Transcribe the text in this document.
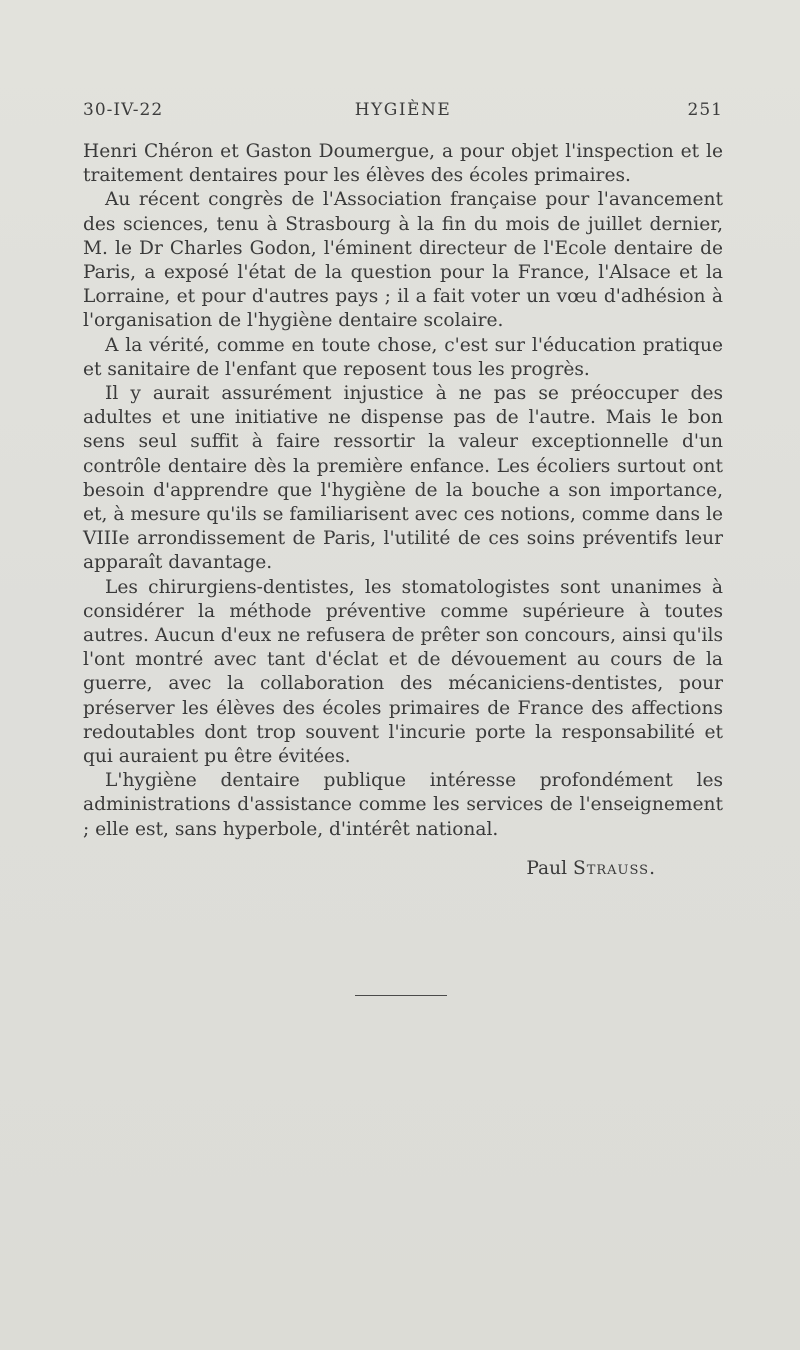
30-IV-22	HYGIÈNE	251

Henri Chéron et Gaston Doumergue, a pour objet l'inspection et le traitement dentaires pour les élèves des écoles primaires.

Au récent congrès de l'Association française pour l'avancement des sciences, tenu à Strasbourg à la fin du mois de juillet dernier, M. le Dr Charles Godon, l'éminent directeur de l'Ecole dentaire de Paris, a exposé l'état de la question pour la France, l'Alsace et la Lorraine, et pour d'autres pays ; il a fait voter un vœu d'adhésion à l'organisation de l'hygiène dentaire scolaire.

A la vérité, comme en toute chose, c'est sur l'éducation pratique et sanitaire de l'enfant que reposent tous les progrès.

Il y aurait assurément injustice à ne pas se préoccuper des adultes et une initiative ne dispense pas de l'autre. Mais le bon sens seul suffit à faire ressortir la valeur exceptionnelle d'un contrôle dentaire dès la première enfance. Les écoliers surtout ont besoin d'apprendre que l'hygiène de la bouche a son importance, et, à mesure qu'ils se familiarisent avec ces notions, comme dans le VIIIe arrondissement de Paris, l'utilité de ces soins préventifs leur apparaît davantage.

Les chirurgiens-dentistes, les stomatologistes sont unanimes à considérer la méthode préventive comme supérieure à toutes autres. Aucun d'eux ne refusera de prêter son concours, ainsi qu'ils l'ont montré avec tant d'éclat et de dévouement au cours de la guerre, avec la collaboration des mécaniciens-dentistes, pour préserver les élèves des écoles primaires de France des affections redoutables dont trop souvent l'incurie porte la responsabilité et qui auraient pu être évitées.

L'hygiène dentaire publique intéresse profondément les administrations d'assistance comme les services de l'enseignement ; elle est, sans hyperbole, d'intérêt national.

Paul Strauss.
